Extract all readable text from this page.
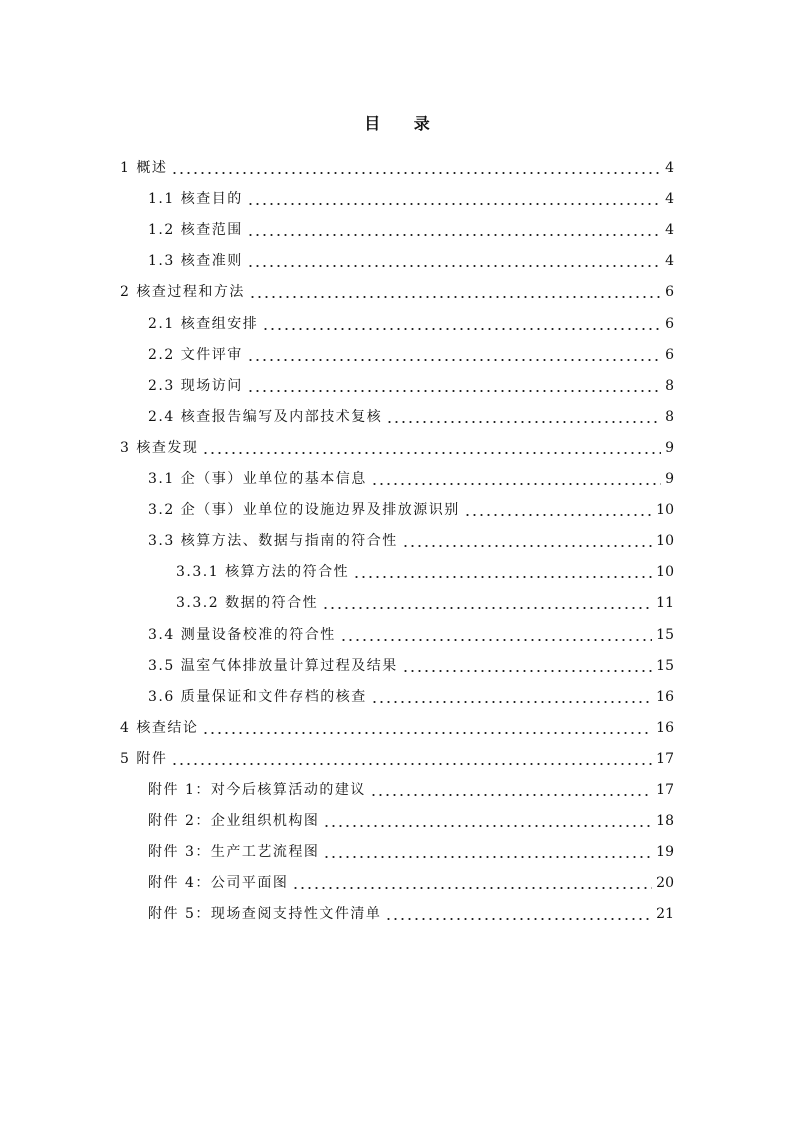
目 录
1 概述	4
1.1 核查目的	4
1.2 核查范围	4
1.3 核查准则	4
2 核查过程和方法	6
2.1 核查组安排	6
2.2 文件评审	6
2.3 现场访问	8
2.4 核查报告编写及内部技术复核	8
3 核查发现	9
3.1 企（事）业单位的基本信息	9
3.2 企（事）业单位的设施边界及排放源识别	10
3.3 核算方法、数据与指南的符合性	10
3.3.1 核算方法的符合性	10
3.3.2 数据的符合性	11
3.4 测量设备校准的符合性	15
3.5 温室气体排放量计算过程及结果	15
3.6 质量保证和文件存档的核查	16
4 核查结论	16
5 附件	17
附件 1：对今后核算活动的建议	17
附件 2：企业组织机构图	18
附件 3：生产工艺流程图	19
附件 4：公司平面图	20
附件 5：现场查阅支持性文件清单	21
